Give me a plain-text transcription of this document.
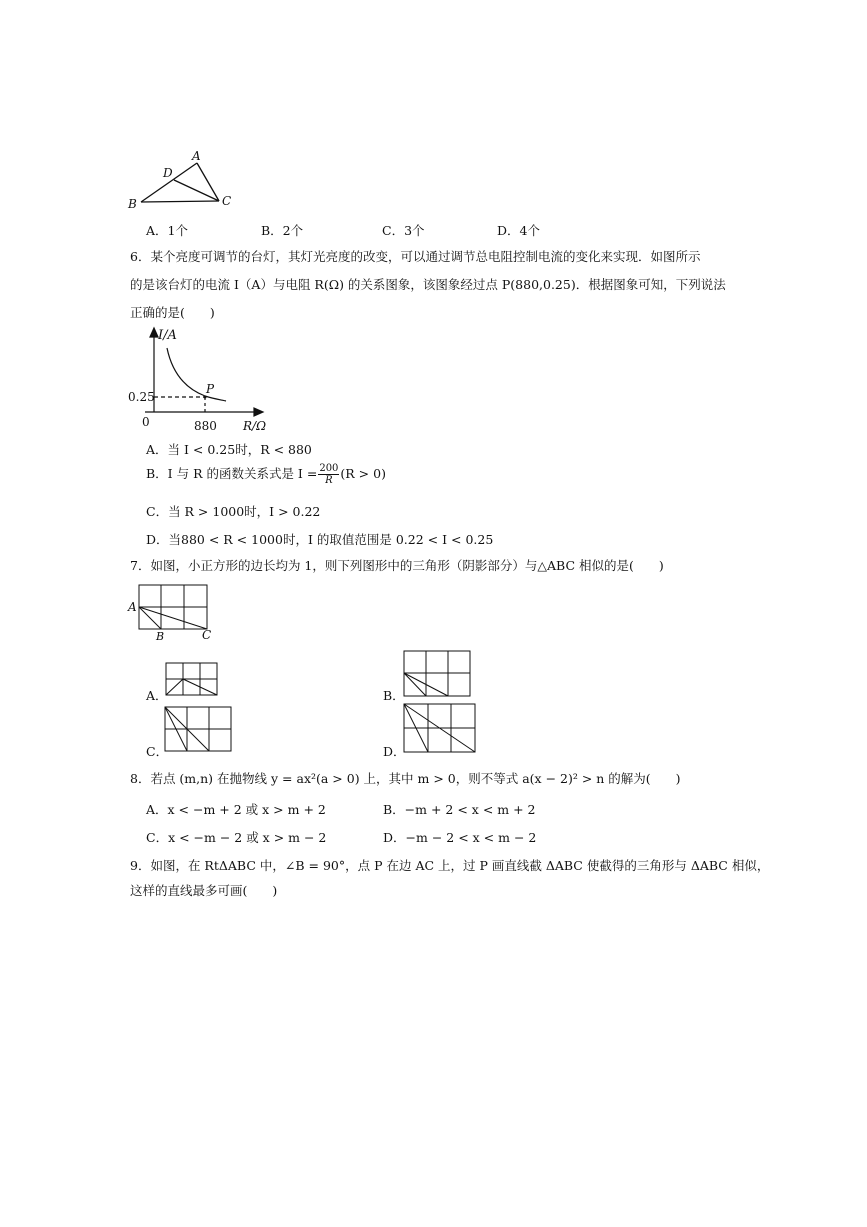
A
D
B	C
A．1个	B．2个	C．3个	D．4个
6．某个亮度可调节的台灯，其灯光亮度的改变，可以通过调节总电阻控制电流的变化来实现．如图所示
的是该台灯的电流 I（A）与电阻 R(Ω) 的关系图象，该图象经过点 P(880,0.25)．根据图象可知，下列说法
正确的是(　　)
I/A
R/Ω
0.25
880
0
P
A．当 I < 0.25时，R < 880
B．I 与 R 的函数关系式是 $I = \frac{200}{R} (R > 0)$
C．当 R > 1000时，I > 0.22
D．当880 < R < 1000时，I 的取值范围是 0.22 < I < 0.25
7．如图，小正方形的边长均为 1，则下列图形中的三角形（阴影部分）与△ABC 相似的是(　　)
A
B	C
A．	B．
C．	D．
8．若点 (m,n) 在抛物线 y = ax²(a > 0) 上，其中 m > 0，则不等式 a(x − 2)² > n 的解为(　　)
A．x < −m + 2 或 x > m + 2	B．−m + 2 < x < m + 2
C．x < −m − 2 或 x > m − 2	D．−m − 2 < x < m − 2
9．如图，在 RtΔABC 中，∠B = 90°，点 P 在边 AC 上，过 P 画直线截 ΔABC 使截得的三角形与 ΔABC 相似，
这样的直线最多可画(　　)
